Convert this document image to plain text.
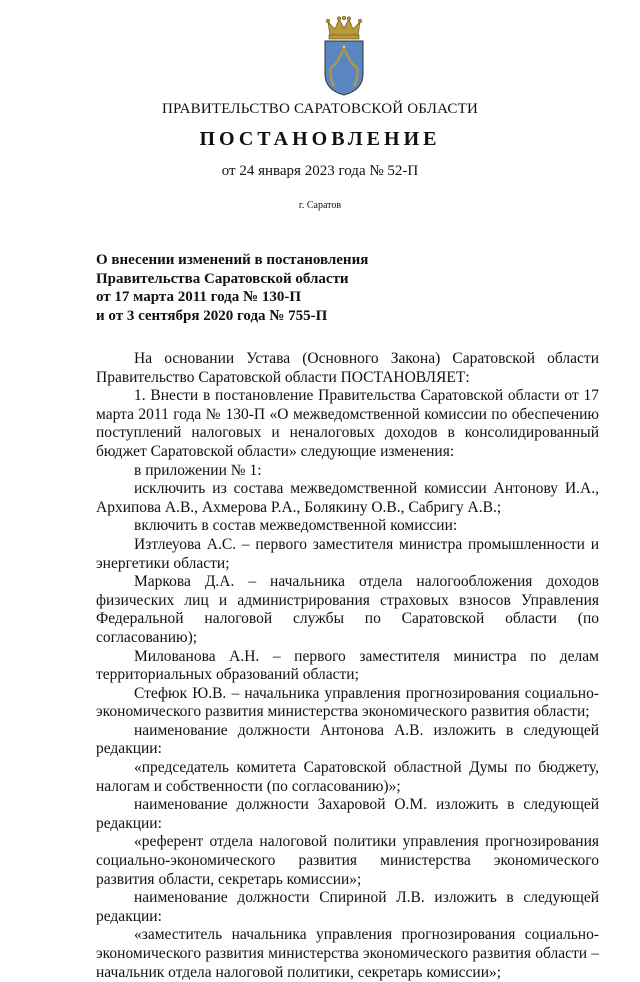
ПРАВИТЕЛЬСТВО САРАТОВСКОЙ ОБЛАСТИ
ПОСТАНОВЛЕНИЕ
от 24 января 2023 года № 52-П
г. Саратов
О внесении изменений в постановления
Правительства Саратовской области
от 17 марта 2011 года № 130-П
и от 3 сентября 2020 года № 755-П

На основании Устава (Основного Закона) Саратовской области Правительство Саратовской области ПОСТАНОВЛЯЕТ:

1. Внести в постановление Правительства Саратовской области от 17 марта 2011 года № 130-П «О межведомственной комиссии по обеспечению поступлений налоговых и неналоговых доходов в консолидированный бюджет Саратовской области» следующие изменения:

в приложении № 1:

исключить из состава межведомственной комиссии Антонову И.А., Архипова А.В., Ахмерова Р.А., Болякину О.В., Сабригу А.В.;

включить в состав межведомственной комиссии:

Изтлеуова А.С. – первого заместителя министра промышленности и энергетики области;

Маркова Д.А. – начальника отдела налогообложения доходов физических лиц и администрирования страховых взносов Управления Федеральной налоговой службы по Саратовской области (по согласованию);

Милованова А.Н. – первого заместителя министра по делам территориальных образований области;

Стефюк Ю.В. – начальника управления прогнозирования социально-экономического развития министерства экономического развития области;

наименование должности Антонова А.В. изложить в следующей редакции:

«председатель комитета Саратовской областной Думы по бюджету, налогам и собственности (по согласованию)»;

наименование должности Захаровой О.М. изложить в следующей редакции:

«референт отдела налоговой политики управления прогнозирования социально-экономического развития министерства экономического развития области, секретарь комиссии»;

наименование должности Спириной Л.В. изложить в следующей редакции:

«заместитель начальника управления прогнозирования социально-экономического развития министерства экономического развития области – начальник отдела налоговой политики, секретарь комиссии»;
